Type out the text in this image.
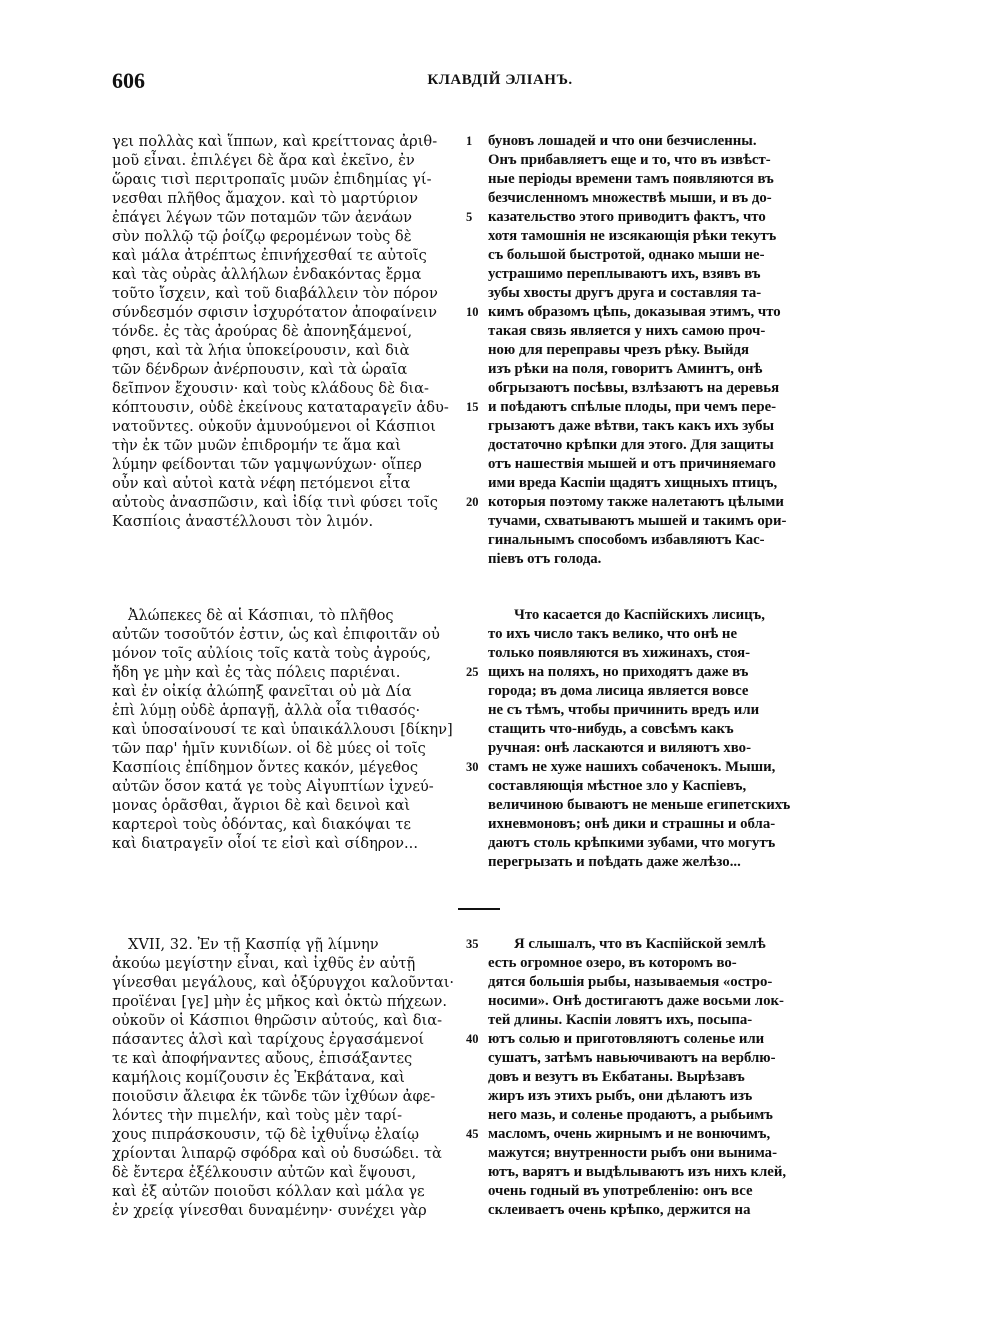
606	КЛАВДІЙ ЭЛІАНЪ.
γει πολλὰς καὶ ἵππων, καὶ κρείττονας ἀριθ-
μοῦ εἶναι. ἐπιλέγει δὲ ἄρα καὶ ἐκεῖνο, ἐν
ὥραις τισὶ περιτροπαῖς μυῶν ἐπιδημίας γί-
νεσθαι πλῆθος ἄμαχον. καὶ τὸ μαρτύριον
ἐπάγει λέγων τῶν ποταμῶν τῶν ἀενάων
σὺν πολλῷ τῷ ῥοίζῳ φερομένων τοὺς δὲ
καὶ μάλα ἀτρέπτως ἐπινήχεσθαί τε αὐτοῖς
καὶ τὰς οὐρὰς ἀλλήλων ἐνδακόντας ἔρμα
τοῦτο ἴσχειν, καὶ τοῦ διαβάλλειν τὸν πόρον
σύνδεσμόν σφισιν ἰσχυρότατον ἀποφαίνειν
τόνδε. ἐς τὰς ἀρούρας δὲ ἀπονηξάμενοί,
φησι, καὶ τὰ λήια ὑποκείρουσιν, καὶ διὰ
τῶν δένδρων ἀνέρπουσιν, καὶ τὰ ὡραῖα
δεῖπνον ἔχουσιν· καὶ τοὺς κλάδους δὲ δια-
κόπτουσιν, οὐδὲ ἐκείνους καταταραγεῖν ἀδυ-
νατοῦντες. οὐκοῦν ἀμυνούμενοι οἱ Κάσπιοι
τὴν ἐκ τῶν μυῶν ἐπιδρομήν τε ἅμα καὶ
λύμην φείδονται τῶν γαμψωνύχων· οἵπερ
οὖν καὶ αὐτοὶ κατὰ νέφη πετόμενοι εἶτα
αὐτοὺς ἀνασπῶσιν, καὶ ἰδίᾳ τινὶ φύσει τοῖς
Κασπίοις ἀναστέλλουσι τὸν λιμόν.
1
5
10
15
20
буновъ лошадей и что они безчисленны.
Онъ прибавляетъ еще и то, что въ извѣст-
ные періоды времени тамъ появляются въ
безчисленномъ множествѣ мыши, и въ до-
казательство этого приводитъ фактъ, что
хотя тамошнія не изсякающія рѣки текутъ
съ большой быстротой, однако мыши не-
устрашимо переплываютъ ихъ, взявъ въ
зубы хвосты другъ друга и составляя та-
кимъ образомъ цѣпь, доказывая этимъ, что
такая связь является у нихъ самою проч-
ною для переправы чрезъ рѣку. Выйдя
изъ рѣки на поля, говоритъ Аминтъ, онѣ
обгрызаютъ посѣвы, взлѣзаютъ на деревья
и поѣдаютъ спѣлые плоды, при чемъ пере-
грызаютъ даже вѣтви, такъ какъ ихъ зубы
достаточно крѣпки для этого. Для защиты
отъ нашествія мышей и отъ причиняемаго
ими вреда Каспіи щадятъ хищныхъ птицъ,
которыя поэтому также налетаютъ цѣлыми
тучами, схватываютъ мышей и такимъ ори-
гинальнымъ способомъ избавляютъ Кас-
піевъ отъ голода.
Ἀλώπεκες δὲ αἱ Κάσπιαι, τὸ πλῆθος
αὐτῶν τοσοῦτόν ἐστιν, ὡς καὶ ἐπιφοιτᾶν οὐ
μόνον τοῖς αὐλίοις τοῖς κατὰ τοὺς ἀγρούς,
ἤδη γε μὴν καὶ ἐς τὰς πόλεις παριέναι.
καὶ ἐν οἰκίᾳ ἀλώπηξ φανεῖται οὐ μὰ Δία
ἐπὶ λύμῃ οὐδὲ ἁρπαγῇ, ἀλλὰ οἷα τιθασός·
καὶ ὑποσαίνουσί τε καὶ ὑπαικάλλουσι [δίκην]
τῶν παρ' ἡμῖν κυνιδίων. οἱ δὲ μύες οἱ τοῖς
Κασπίοις ἐπίδημον ὄντες κακόν, μέγεθος
αὐτῶν ὅσον κατά γε τοὺς Αἰγυπτίων ἰχνεύ-
μονας ὁρᾶσθαι, ἄγριοι δὲ καὶ δεινοὶ καὶ
καρτεροὶ τοὺς ὀδόντας, καὶ διακόψαι τε
καὶ διατραγεῖν οἷοί τε εἰσὶ καὶ σίδηρον...
25
30
Что касается до Каспійскихъ лисицъ,
то ихъ число такъ велико, что онѣ не
только появляются въ хижинахъ, стоя-
щихъ на поляхъ, но приходятъ даже въ
города; въ дома лисица является вовсе
не съ тѣмъ, чтобы причинить вредъ или
стащить что-нибудь, а совсѣмъ какъ
ручная: онѣ ласкаются и виляютъ хво-
стамъ не хуже нашихъ собаченокъ. Мыши,
составляющія мѣстное зло у Каспіевъ,
величиною бываютъ не меньше египетскихъ
ихневмоновъ; онѣ дики и страшны и обла-
даютъ столь крѣпкими зубами, что могутъ
перегрызать и поѣдать даже желѣзо...
XVII, 32. Ἐν τῇ Κασπίᾳ γῇ λίμνην
ἀκούω μεγίστην εἶναι, καὶ ἰχθῦς ἐν αὐτῇ
γίνεσθαι μεγάλους, καὶ ὀξύρυγχοι καλοῦνται·
προϊέναι [γε] μὴν ἐς μῆκος καὶ ὀκτὼ πήχεων.
οὐκοῦν οἱ Κάσπιοι θηρῶσιν αὐτούς, καὶ δια-
πάσαντες ἁλσὶ καὶ ταρίχους ἐργασάμενοί
τε καὶ ἀποφήναντες αὔους, ἐπισάξαντες
καμήλοις κομίζουσιν ἐς Ἐκβάτανα, καὶ
ποιοῦσιν ἄλειφα ἐκ τῶνδε τῶν ἰχθύων ἀφε-
λόντες τὴν πιμελήν, καὶ τοὺς μὲν ταρί-
χους πιπράσκουσιν, τῷ δὲ ἰχθυΐνῳ ἐλαίῳ
χρίονται λιπαρῷ σφόδρα καὶ οὐ δυσώδει. τὰ
δὲ ἔντερα ἐξέλκουσιν αὐτῶν καὶ ἕψουσι,
καὶ ἐξ αὐτῶν ποιοῦσι κόλλαν καὶ μάλα γε
ἐν χρείᾳ γίνεσθαι δυναμένην· συνέχει γὰρ
35
40
45
Я слышалъ, что въ Каспійской землѣ
есть огромное озеро, въ которомъ во-
дятся большія рыбы, называемыя «остро-
носими». Онѣ достигаютъ даже восьми лок-
тей длины. Каспіи ловятъ ихъ, посыпа-
ютъ солью и приготовляютъ соленье или
сушатъ, затѣмъ навьючиваютъ на верблю-
довъ и везутъ въ Екбатаны. Вырѣзавъ
жиръ изъ этихъ рыбъ, они дѣлаютъ изъ
него мазь, и соленье продаютъ, а рыбьимъ
масломъ, очень жирнымъ и не вонючимъ,
мажутся; внутренности рыбъ они вынима-
ютъ, варятъ и выдѣлываютъ изъ нихъ клей,
очень годный въ употребленію: онъ все
склеиваетъ очень крѣпко, держится на
